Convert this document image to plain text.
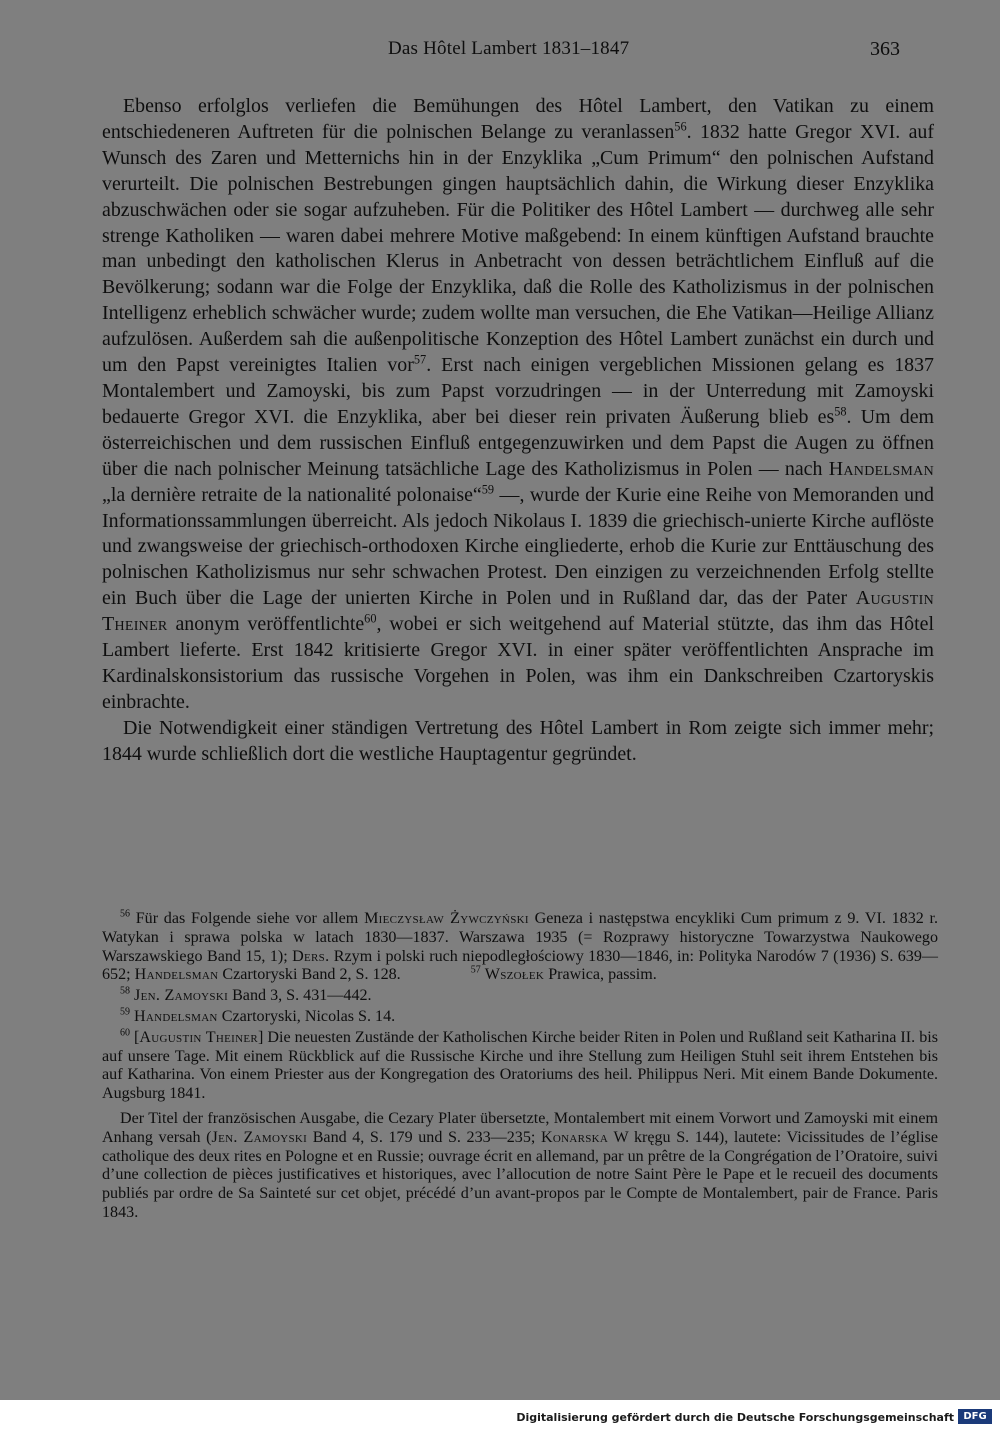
Das Hôtel Lambert 1831–1847	363

Ebenso erfolglos verliefen die Bemühungen des Hôtel Lambert, den Vatikan zu einem entschiedeneren Auftreten für die polnischen Belange zu veranlassen$^{56}$. 1832 hatte Gregor XVI. auf Wunsch des Zaren und Metternichs hin in der Enzyklika „Cum Primum“ den polnischen Aufstand verurteilt. Die polnischen Bestrebungen gingen hauptsächlich dahin, die Wirkung dieser Enzyklika abzuschwächen oder sie sogar aufzuheben. Für die Politiker des Hôtel Lambert — durchweg alle sehr strenge Katholiken — waren dabei mehrere Motive maßgebend: In einem künftigen Aufstand brauchte man unbedingt den katholischen Klerus in Anbetracht von dessen beträchtlichem Einfluß auf die Bevölkerung; sodann war die Folge der Enzyklika, daß die Rolle des Katholizismus in der polnischen Intelligenz erheblich schwächer wurde; zudem wollte man versuchen, die Ehe Vatikan—Heilige Allianz aufzulösen. Außerdem sah die außenpolitische Konzeption des Hôtel Lambert zunächst ein durch und um den Papst vereinigtes Italien vor$^{57}$. Erst nach einigen vergeblichen Missionen gelang es 1837 Montalembert und Zamoyski, bis zum Papst vorzudringen — in der Unterredung mit Zamoyski bedauerte Gregor XVI. die Enzyklika, aber bei dieser rein privaten Äußerung blieb $es^{58}$. Um dem österreichischen und dem russischen Einfluß entgegenzuwirken und dem Papst die Augen zu öffnen über die nach polnischer Meinung tatsächliche Lage des Katholizismus in Polen — nach Handelsman „la dernière retraite de la nationalité polonaise“$^{59}$ —, wurde der Kurie eine Reihe von Memoranden und Informationssammlungen überreicht. Als jedoch Nikolaus I. 1839 die griechisch-unierte Kirche auflöste und zwangsweise der griechisch-orthodoxen Kirche eingliederte, erhob die Kurie zur Enttäuschung des polnischen Katholizismus nur sehr schwachen Protest. Den einzigen zu verzeichnenden Erfolg stellte ein Buch über die Lage der unierten Kirche in Polen und in Rußland dar, das der Pater Augustin Theiner anonym veröffentlichte$^{60}$, wobei er sich weitgehend auf Material stützte, das ihm das Hôtel Lambert lieferte. Erst 1842 kritisierte Gregor XVI. in einer später veröffentlichten Ansprache im Kardinalskonsistorium das russische Vorgehen in Polen, was ihm ein Dankschreiben Czartoryskis einbrachte.

Die Notwendigkeit einer ständigen Vertretung des Hôtel Lambert in Rom zeigte sich immer mehr; 1844 wurde schließlich dort die westliche Hauptagentur gegründet.

$^{56}$ Für das Folgende siehe vor allem Mieczysław Żywczyński Geneza i następstwa encykliki Cum primum z 9. VI. 1832 r. Watykan i sprawa polska w latach 1830—1837. Warszawa 1935 (= Rozprawy historyczne Towarzystwa Naukowego Warszawskiego Band 15, 1); Ders. Rzym i polski ruch niepodległościowy 1830—1846, in: Polityka Narodów 7 (1936) S. 639—652; Handelsman Czartoryski Band 2, S. 128.	$^{57}$ Wszołek Prawica, passim.

$^{58}$ Jen. Zamoyski Band 3, S. 431—442.

$^{59}$ Handelsman Czartoryski, Nicolas S. 14.

$^{60}$ [Augustin Theiner] Die neuesten Zustände der Katholischen Kirche beider Riten in Polen und Rußland seit Katharina II. bis auf unsere Tage. Mit einem Rückblick auf die Russische Kirche und ihre Stellung zum Heiligen Stuhl seit ihrem Entstehen bis auf Katharina. Von einem Priester aus der Kongregation des Oratoriums des heil. Philippus Neri. Mit einem Bande Dokumente. Augsburg 1841.

Der Titel der französischen Ausgabe, die Cezary Plater übersetzte, Montalembert mit einem Vorwort und Zamoyski mit einem Anhang versah (Jen. Zamoyski Band 4, S. 179 und S. 233—235; Konarska W kręgu S. 144), lautete: Vicissitudes de l’église catholique des deux rites en Pologne et en Russie; ouvrage écrit en allemand, par un prêtre de la Congrégation de l’Oratoire, suivi d’une collection de pièces justificatives et historiques, avec l’allocution de notre Saint Père le Pape et le recueil des documents publiés par ordre de Sa Sainteté sur cet objet, précédé d’un avant-propos par le Compte de Montalembert, pair de France. Paris 1843.

Digitalisierung gefördert durch die Deutsche Forschungsgemeinschaft DFG
